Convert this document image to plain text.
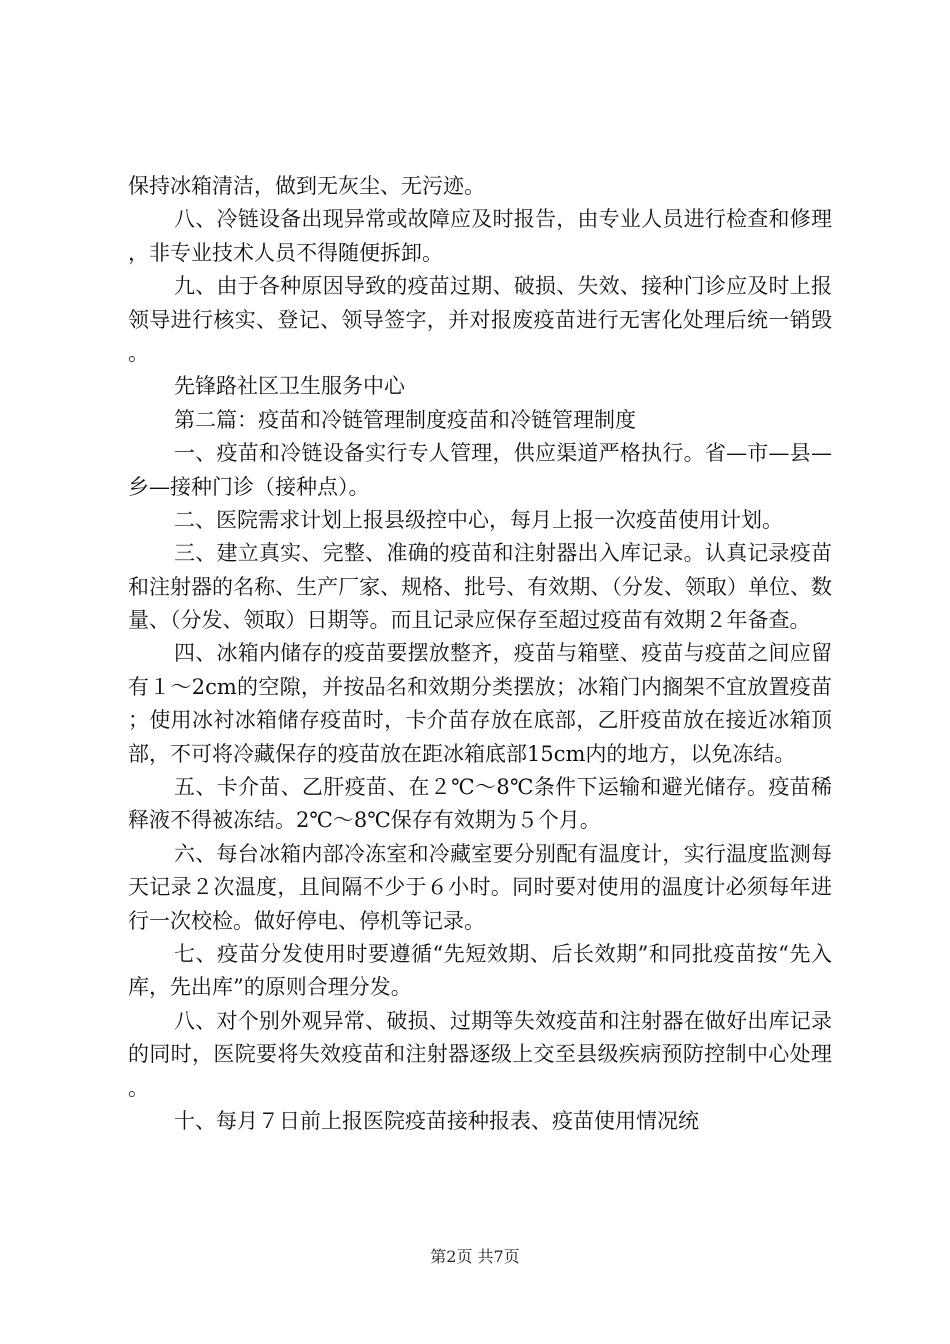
保持冰箱清洁，做到无灰尘、无污迹。

八、冷链设备出现异常或故障应及时报告，由专业人员进行检查和修理，非专业技术人员不得随便拆卸。

九、由于各种原因导致的疫苗过期、破损、失效、接种门诊应及时上报领导进行核实、登记、领导签字，并对报废疫苗进行无害化处理后统一销毁。

先锋路社区卫生服务中心

第二篇：疫苗和冷链管理制度疫苗和冷链管理制度

一、疫苗和冷链设备实行专人管理，供应渠道严格执行。省—市—县—乡—接种门诊（接种点）。

二、医院需求计划上报县级控中心，每月上报一次疫苗使用计划。

三、建立真实、完整、准确的疫苗和注射器出入库记录。认真记录疫苗和注射器的名称、生产厂家、规格、批号、有效期、（分发、领取）单位、数量、（分发、领取）日期等。而且记录应保存至超过疫苗有效期２年备查。

四、冰箱内储存的疫苗要摆放整齐，疫苗与箱壁、疫苗与疫苗之间应留有１～2cm的空隙，并按品名和效期分类摆放；冰箱门内搁架不宜放置疫苗；使用冰衬冰箱储存疫苗时，卡介苗存放在底部，乙肝疫苗放在接近冰箱顶部，不可将冷藏保存的疫苗放在距冰箱底部15cm内的地方，以免冻结。

五、卡介苗、乙肝疫苗、在２℃～8℃条件下运输和避光储存。疫苗稀释液不得被冻结。2℃～8℃保存有效期为５个月。

六、每台冰箱内部冷冻室和冷藏室要分别配有温度计，实行温度监测每天记录２次温度，且间隔不少于６小时。同时要对使用的温度计必须每年进行一次校检。做好停电、停机等记录。

七、疫苗分发使用时要遵循“先短效期、后长效期”和同批疫苗按“先入库，先出库”的原则合理分发。

八、对个别外观异常、破损、过期等失效疫苗和注射器在做好出库记录的同时，医院要将失效疫苗和注射器逐级上交至县级疾病预防控制中心处理。

十、每月７日前上报医院疫苗接种报表、疫苗使用情况统

第2页 共7页
